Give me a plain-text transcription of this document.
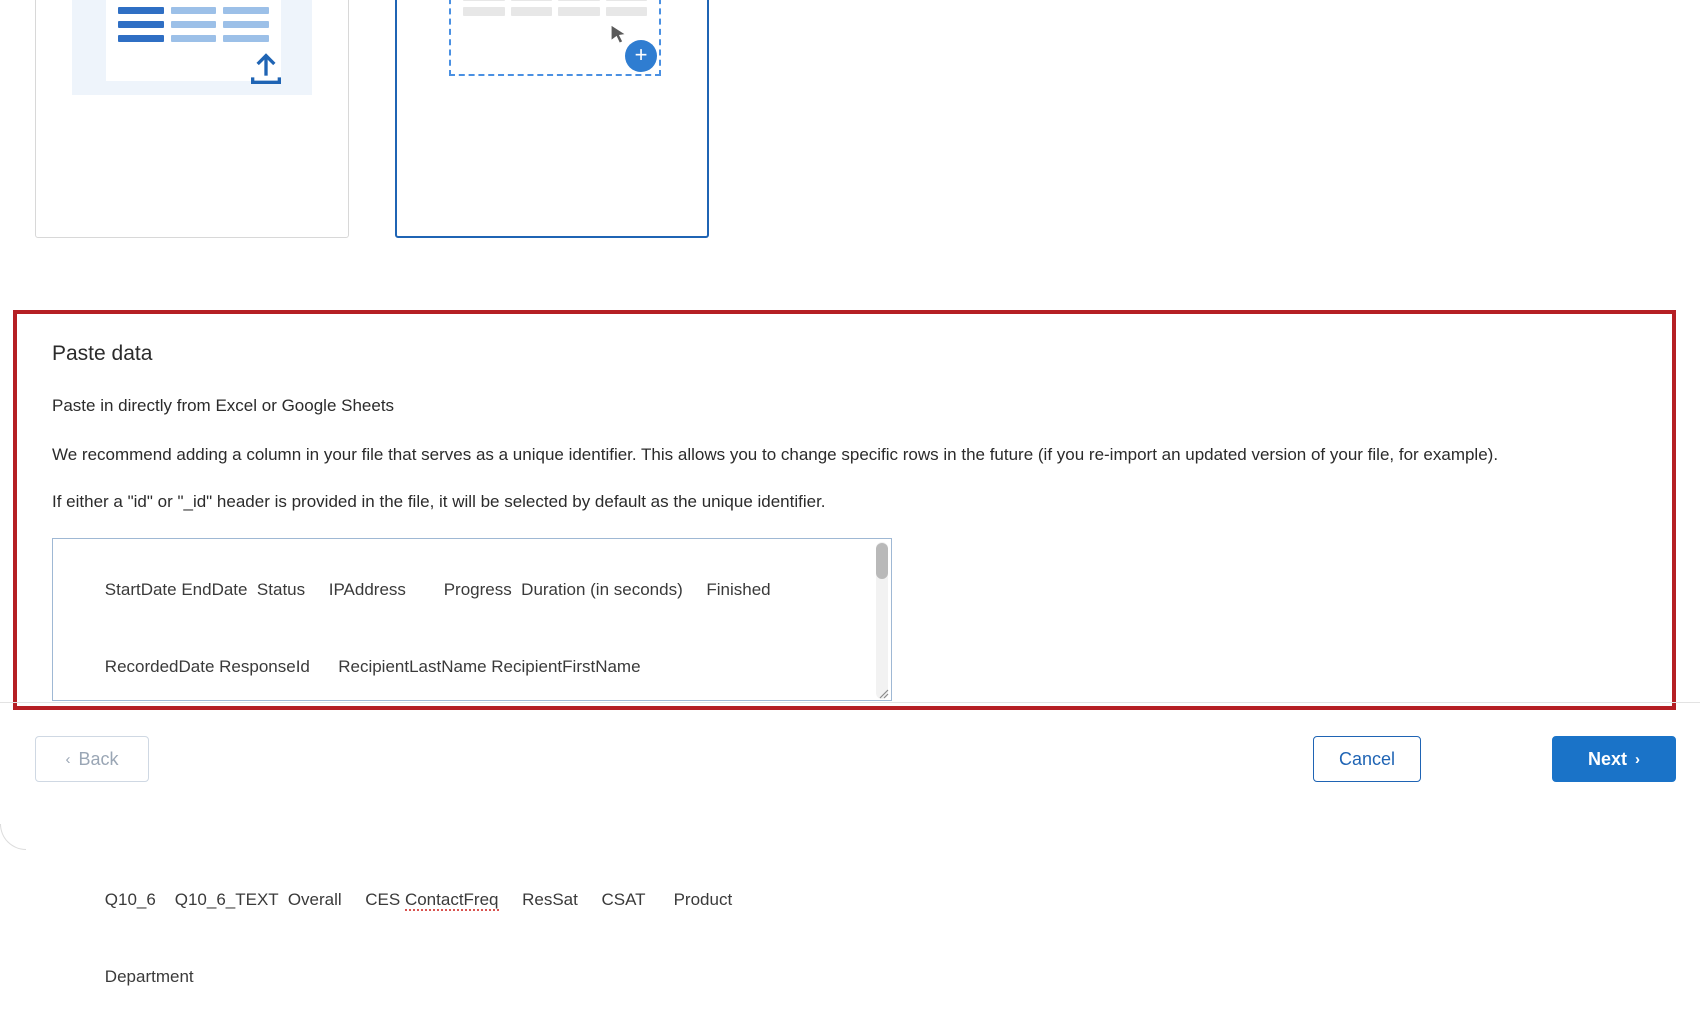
+
Paste data
Paste in directly from Excel or Google Sheets
We recommend adding a column in your file that serves as a unique identifier. This allows you to change specific rows in the future (if you re-import an updated version of your file, for example).
If either a "id" or "_id" header is provided in the file, it will be selected by default as the unique identifier.

StartDate EndDate  Status     IPAddress        Progress  Duration (in seconds)     Finished

RecordedDate ResponseId      RecipientLastName RecipientFirstName

Q10_6    Q10_6_TEXT  Overall     CES ContactFreq     ResSat     CSAT      Product

Department

‹ Back	Cancel	Next ›
